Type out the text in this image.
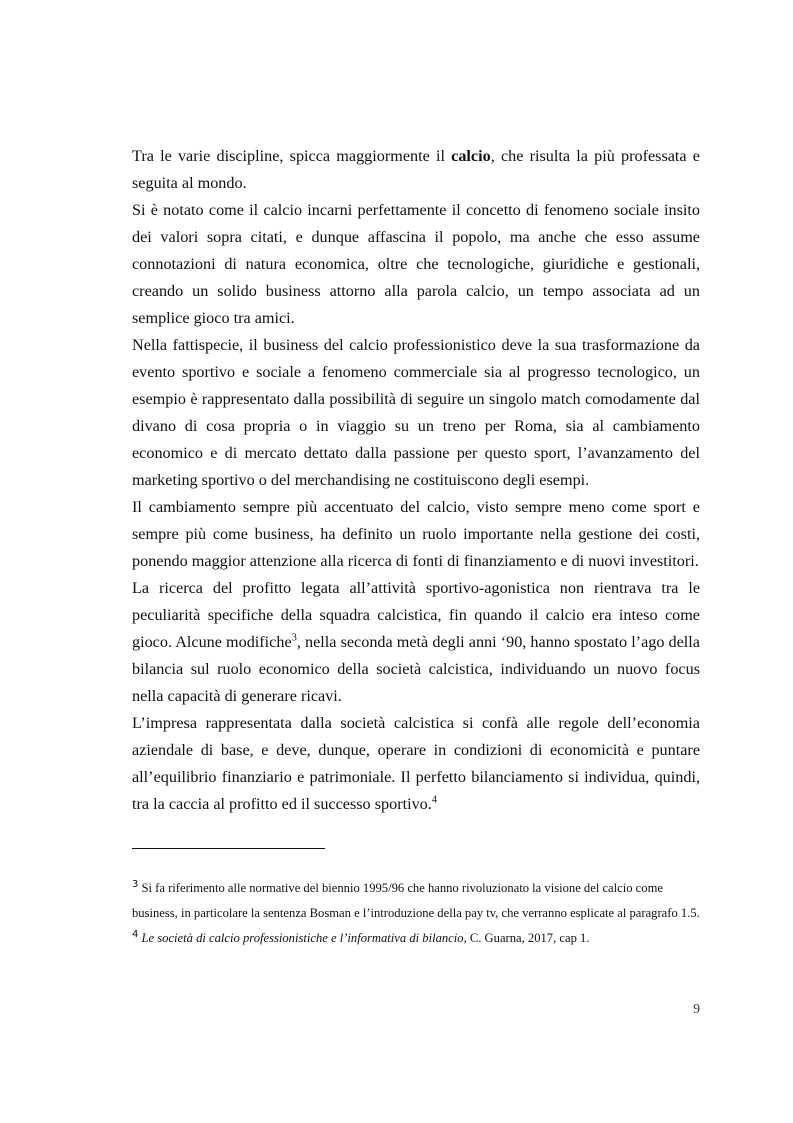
Tra le varie discipline, spicca maggiormente il calcio, che risulta la più professata e seguita al mondo.

Si è notato come il calcio incarni perfettamente il concetto di fenomeno sociale insito dei valori sopra citati, e dunque affascina il popolo, ma anche che esso assume connotazioni di natura economica, oltre che tecnologiche, giuridiche e gestionali, creando un solido business attorno alla parola calcio, un tempo associata ad un semplice gioco tra amici.

Nella fattispecie, il business del calcio professionistico deve la sua trasformazione da evento sportivo e sociale a fenomeno commerciale sia al progresso tecnologico, un esempio è rappresentato dalla possibilità di seguire un singolo match comodamente dal divano di cosa propria o in viaggio su un treno per Roma, sia al cambiamento economico e di mercato dettato dalla passione per questo sport, l’avanzamento del marketing sportivo o del merchandising ne costituiscono degli esempi.

Il cambiamento sempre più accentuato del calcio, visto sempre meno come sport e sempre più come business, ha definito un ruolo importante nella gestione dei costi, ponendo maggior attenzione alla ricerca di fonti di finanziamento e di nuovi investitori.

La ricerca del profitto legata all’attività sportivo-agonistica non rientrava tra le peculiarità specifiche della squadra calcistica, fin quando il calcio era inteso come gioco. Alcune modifiche$^3$, nella seconda metà degli anni ‘90, hanno spostato l’ago della bilancia sul ruolo economico della società calcistica, individuando un nuovo focus nella capacità di generare ricavi.

L’impresa rappresentata dalla società calcistica si confà alle regole dell’economia aziendale di base, e deve, dunque, operare in condizioni di economicità e puntare all’equilibrio finanziario e patrimoniale. Il perfetto bilanciamento si individua, quindi, tra la caccia al profitto ed il successo sportivo.$^4$

$^3$ Si fa riferimento alle normative del biennio 1995/96 che hanno rivoluzionato la visione del calcio come business, in particolare la sentenza Bosman e l’introduzione della pay tv, che verranno esplicate al paragrafo 1.5.

$^4$ Le società di calcio professionistiche e l’informativa di bilancio, C. Guarna, 2017, cap 1.

9
